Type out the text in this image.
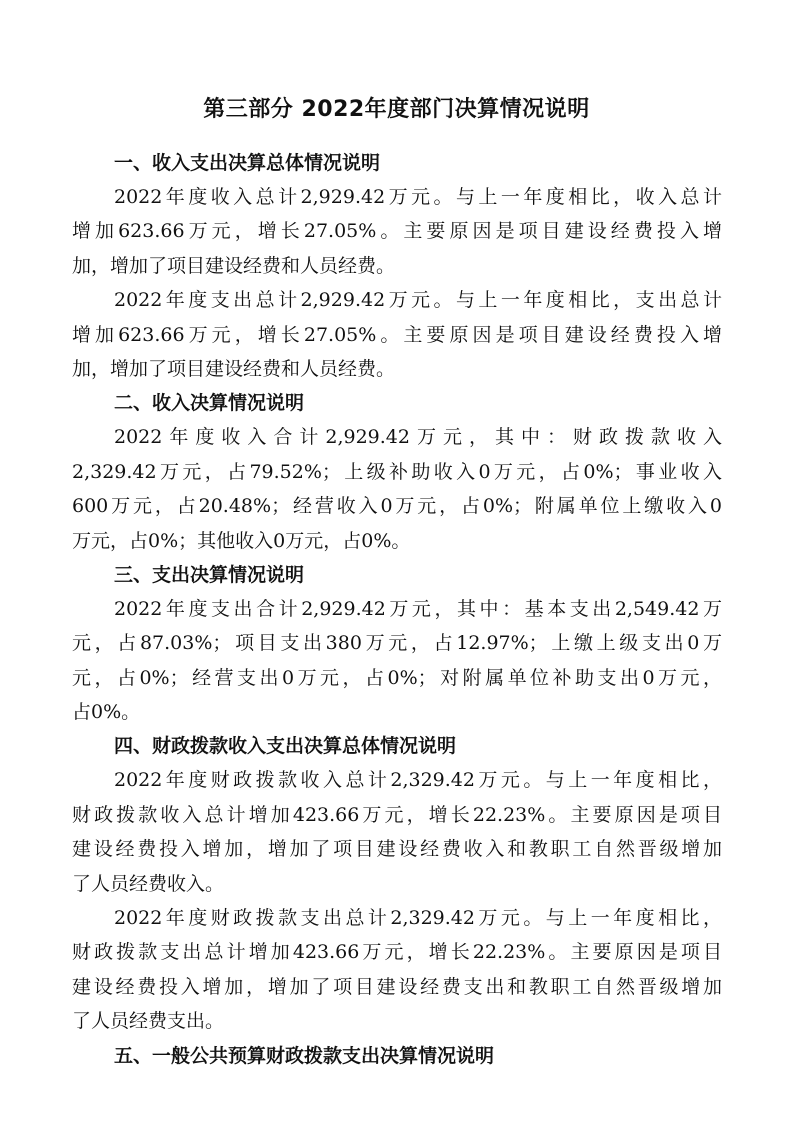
第三部分 2022年度部门决算情况说明
一、收入支出决算总体情况说明
2022年度收入总计2,929.42万元。与上一年度相比，收入总计
增加623.66万元，增长27.05%。主要原因是项目建设经费投入增
加，增加了项目建设经费和人员经费。
2022年度支出总计2,929.42万元。与上一年度相比，支出总计
增加623.66万元，增长27.05%。主要原因是项目建设经费投入增
加，增加了项目建设经费和人员经费。
二、收入决算情况说明
2022年度收入合计2,929.42万元，其中：财政拨款收入
2,329.42万元，占79.52%；上级补助收入0万元，占0%；事业收入
600万元，占20.48%；经营收入0万元，占0%；附属单位上缴收入0
万元，占0%；其他收入0万元，占0%。
三、支出决算情况说明
2022年度支出合计2,929.42万元，其中：基本支出2,549.42万
元，占87.03%；项目支出380万元，占12.97%；上缴上级支出0万
元，占0%；经营支出0万元，占0%；对附属单位补助支出0万元，
占0%。
四、财政拨款收入支出决算总体情况说明
2022年度财政拨款收入总计2,329.42万元。与上一年度相比，
财政拨款收入总计增加423.66万元，增长22.23%。主要原因是项目
建设经费投入增加，增加了项目建设经费收入和教职工自然晋级增加
了人员经费收入。
2022年度财政拨款支出总计2,329.42万元。与上一年度相比，
财政拨款支出总计增加423.66万元，增长22.23%。主要原因是项目
建设经费投入增加，增加了项目建设经费支出和教职工自然晋级增加
了人员经费支出。
五、一般公共预算财政拨款支出决算情况说明
